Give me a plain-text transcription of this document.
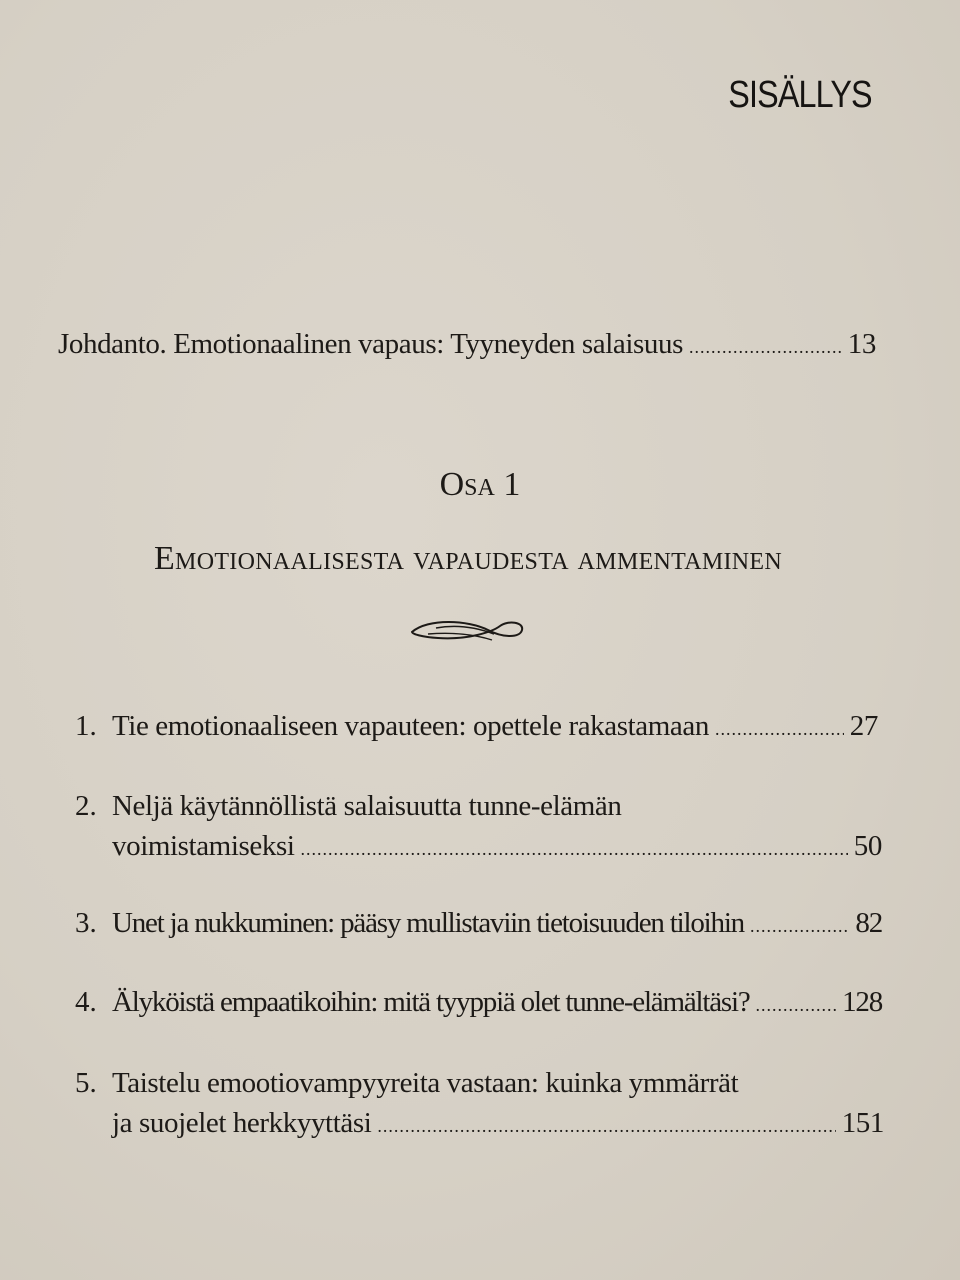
SISÄLLYS
Johdanto. Emotionaalinen vapaus: Tyyneyden salaisuus .....	13
Osa 1
Emotionaalisesta vapaudesta ammentaminen
1. Tie emotionaaliseen vapauteen: opettele rakastamaan .....	27
2. Neljä käytännöllistä salaisuutta tunne-elämän
voimistamiseksi .....	50
3. Unet ja nukkuminen: pääsy mullistaviin tietoisuuden tiloihin .....	82
4. Älyköistä empaatikoihin: mitä tyyppiä olet tunne-elämältäsi? .....	128
5. Taistelu emootiovampyyreita vastaan: kuinka ymmärrät
ja suojelet herkkyyttäsi .....	151
